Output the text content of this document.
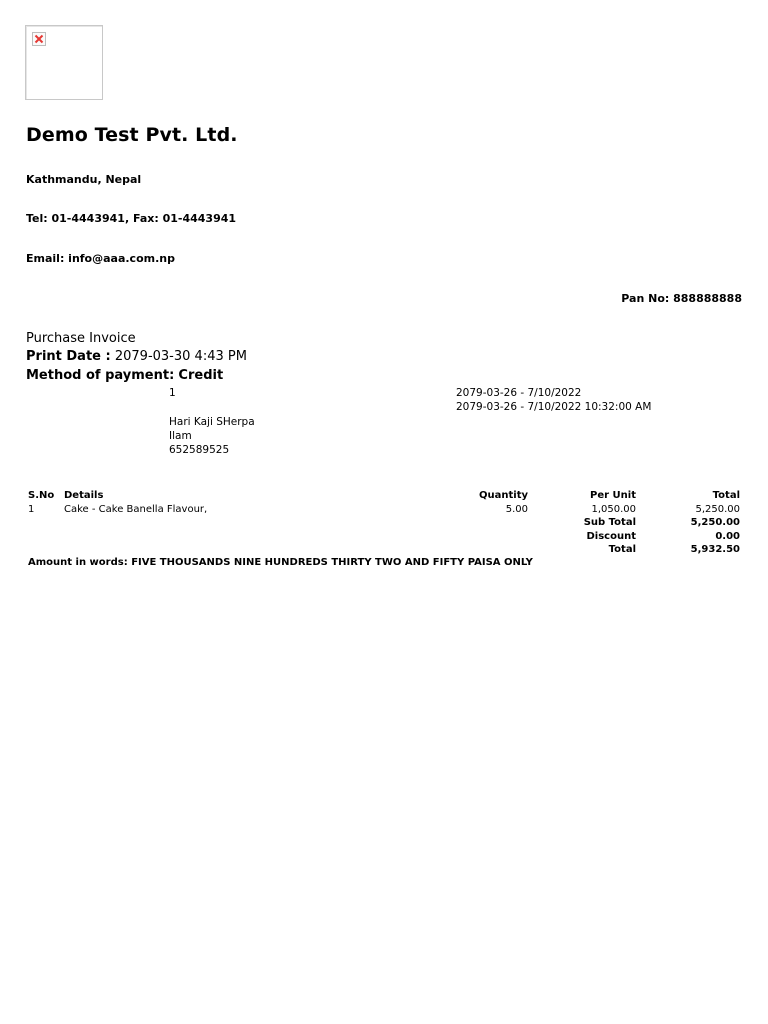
Demo Test Pvt. Ltd.
Kathmandu, Nepal
Tel: 01-4443941, Fax: 01-4443941
Email: info@aaa.com.np
Pan No: 888888888
Purchase Invoice
Print Date : 2079-03-30 4:43 PM
Method of payment: Credit
1	2079-03-26 - 7/10/2022
2079-03-26 - 7/10/2022 10:32:00 AM
Hari Kaji SHerpa
Ilam
652589525
S.No	Details	Quantity	Per Unit	Total
1	Cake - Cake Banella Flavour,	5.00	1,050.00	5,250.00
			Sub Total	5,250.00
			Discount	0.00
			Total	5,932.50
Amount in words: FIVE THOUSANDS NINE HUNDREDS THIRTY TWO AND FIFTY PAISA ONLY
